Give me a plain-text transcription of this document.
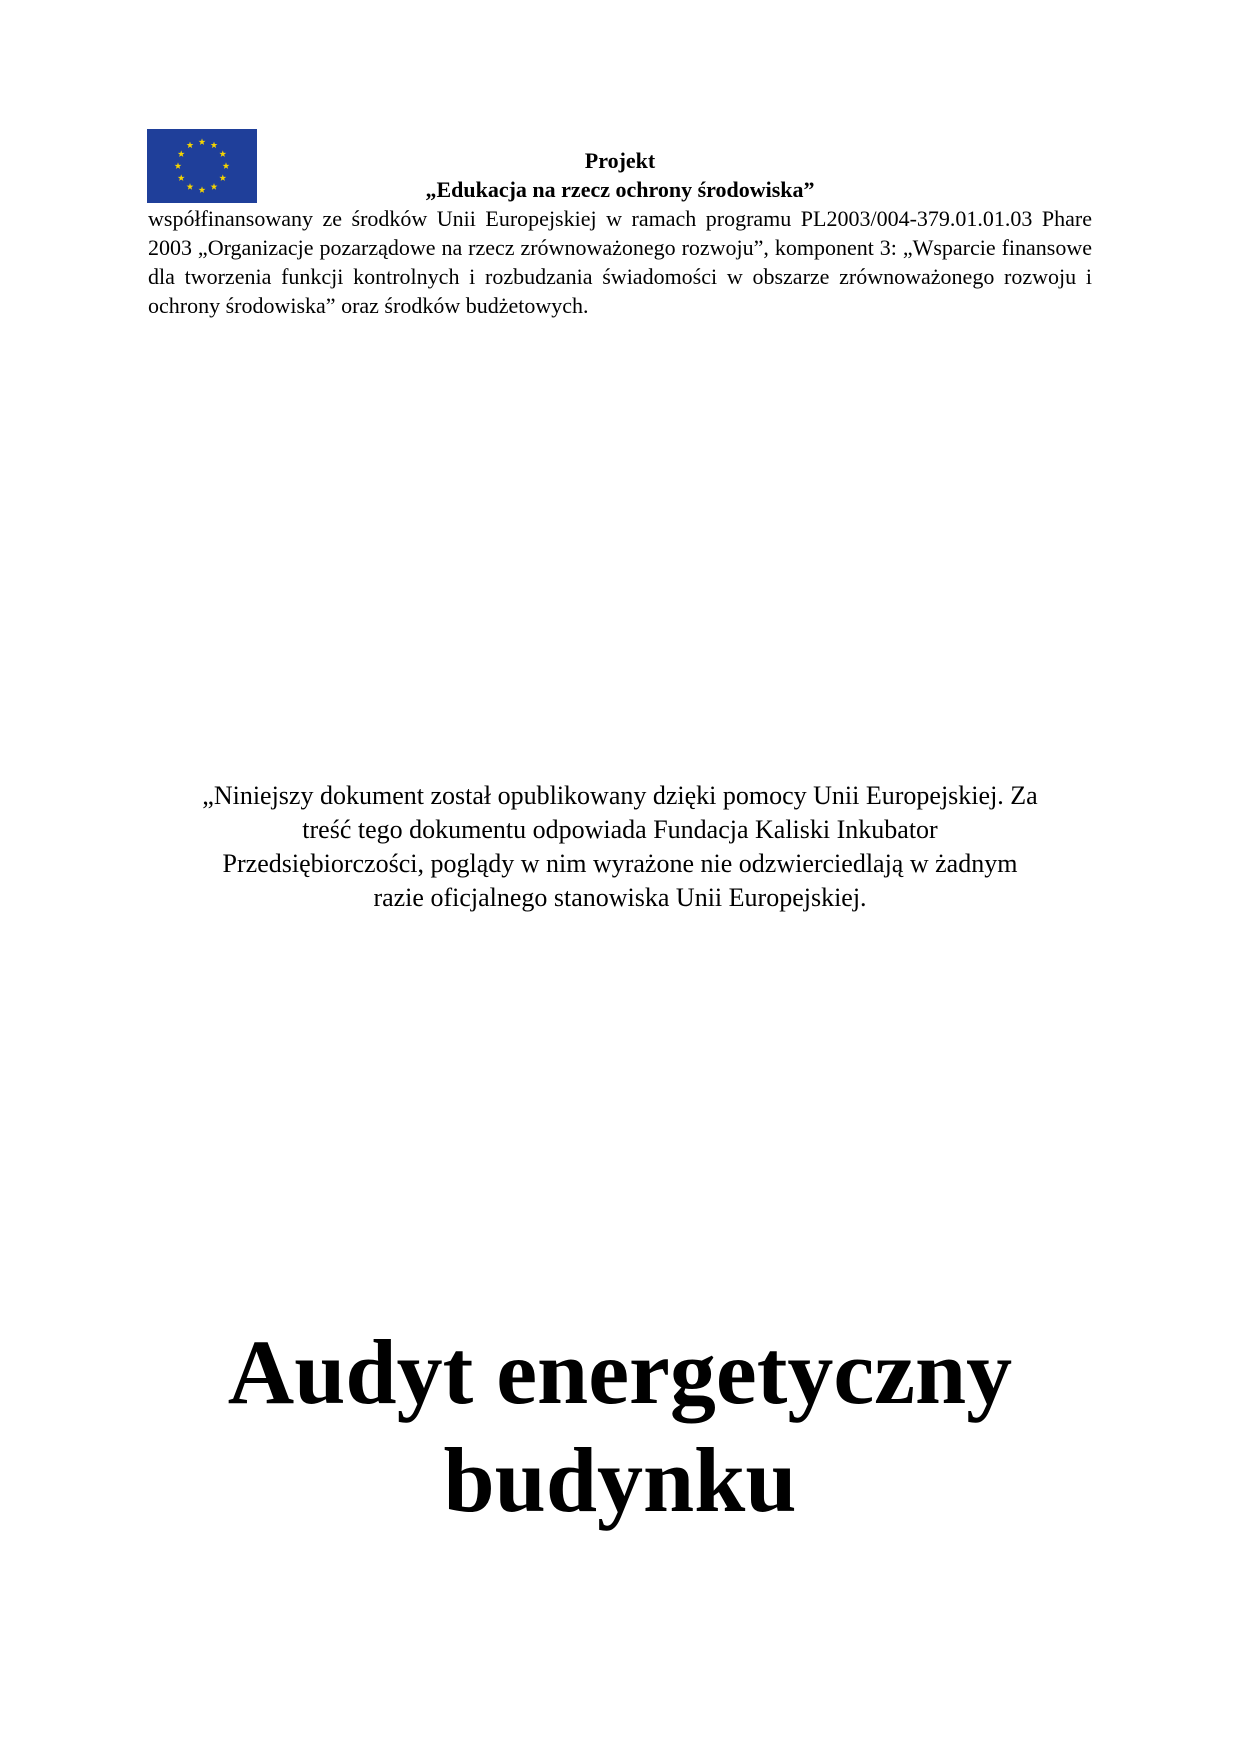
Projekt

„Edukacja na rzecz ochrony środowiska”

współfinansowany ze środków Unii Europejskiej w ramach programu PL2003/004-379.01.01.03 Phare 2003 „Organizacje pozarządowe na rzecz zrównoważonego rozwoju”, komponent 3: „Wsparcie finansowe dla tworzenia funkcji kontrolnych i rozbudzania świadomości w obszarze zrównoważonego rozwoju i ochrony środowiska” oraz środków budżetowych.

„Niniejszy dokument został opublikowany dzięki pomocy Unii Europejskiej. Za
treść tego dokumentu odpowiada Fundacja Kaliski Inkubator
Przedsiębiorczości, poglądy w nim wyrażone nie odzwierciedlają w żadnym
razie oficjalnego stanowiska Unii Europejskiej.
Audyt energetyczny
budynku
